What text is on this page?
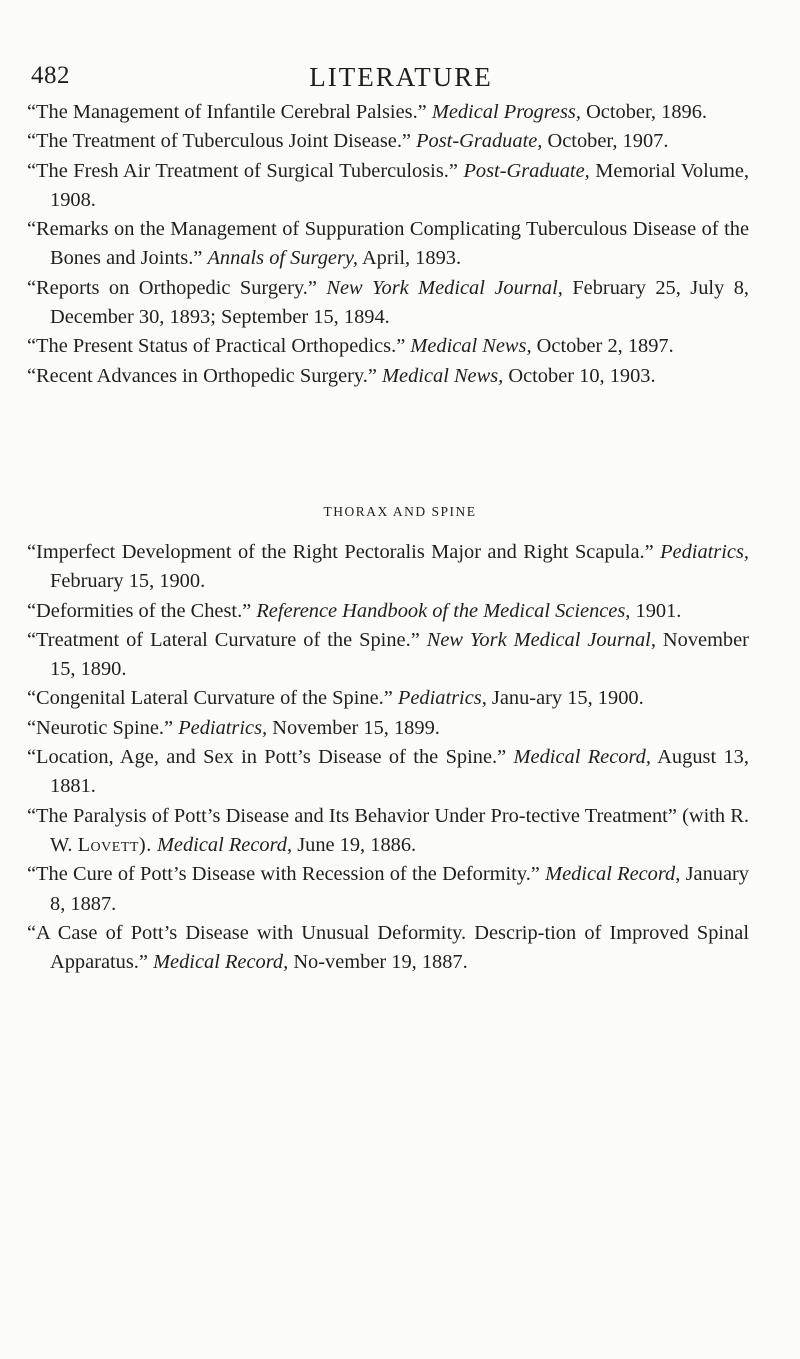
482	LITERATURE
“The Management of Infantile Cerebral Palsies.” Medical Progress, October, 1896.
“The Treatment of Tuberculous Joint Disease.” Post-Graduate, October, 1907.
“The Fresh Air Treatment of Surgical Tuberculosis.” Post-Graduate, Memorial Volume, 1908.
“Remarks on the Management of Suppuration Complicating Tuberculous Disease of the Bones and Joints.” Annals of Surgery, April, 1893.
“Reports on Orthopedic Surgery.” New York Medical Journal, February 25, July 8, December 30, 1893; September 15, 1894.
“The Present Status of Practical Orthopedics.” Medical News, October 2, 1897.
“Recent Advances in Orthopedic Surgery.” Medical News, October 10, 1903.
THORAX AND SPINE
“Imperfect Development of the Right Pectoralis Major and Right Scapula.” Pediatrics, February 15, 1900.
“Deformities of the Chest.” Reference Handbook of the Medical Sciences, 1901.
“Treatment of Lateral Curvature of the Spine.” New York Medical Journal, November 15, 1890.
“Congenital Lateral Curvature of the Spine.” Pediatrics, Janu-ary 15, 1900.
“Neurotic Spine.” Pediatrics, November 15, 1899.
“Location, Age, and Sex in Pott’s Disease of the Spine.” Medical Record, August 13, 1881.
“The Paralysis of Pott’s Disease and Its Behavior Under Pro-tective Treatment” (with R. W. Lovett). Medical Record, June 19, 1886.
“The Cure of Pott’s Disease with Recession of the Deformity.” Medical Record, January 8, 1887.
“A Case of Pott’s Disease with Unusual Deformity. Descrip-tion of Improved Spinal Apparatus.” Medical Record, No-vember 19, 1887.
